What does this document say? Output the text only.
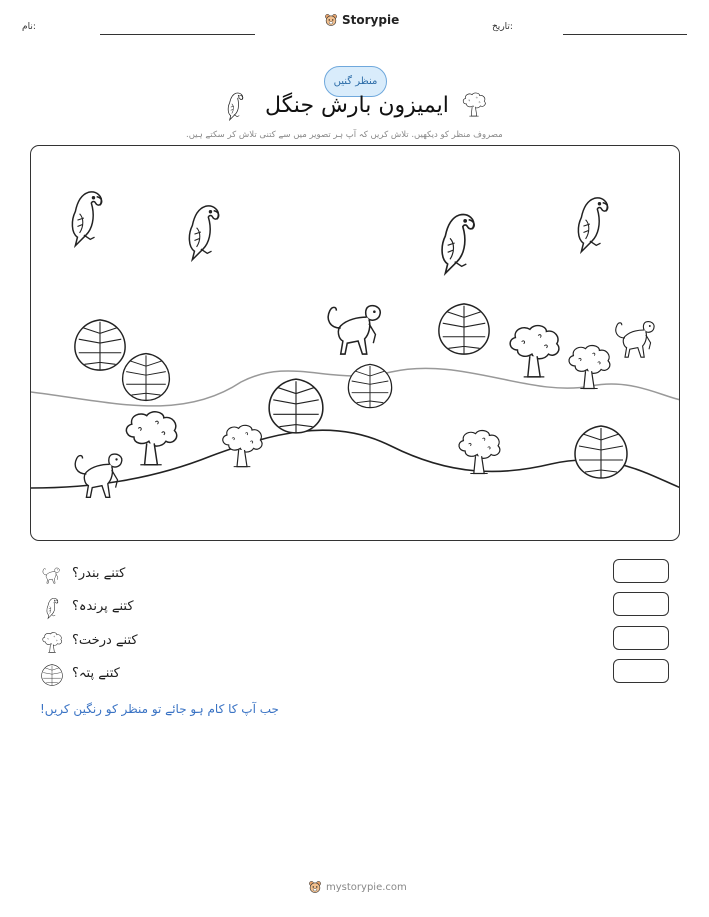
نام:	Storypie	تاریخ:
منظر گنیں
ایمیزون بارش جنگل
مصروف منظر کو دیکھیں. تلاش کریں کہ آپ ہر تصویر میں سے کتنی تلاش کر سکتے ہیں.
کتنے بندر؟
کتنے پرندہ؟
کتنے درخت؟
کتنے پتہ؟
جب آپ کا کام ہو جائے تو منظر کو رنگین کریں!
mystorypie.com
